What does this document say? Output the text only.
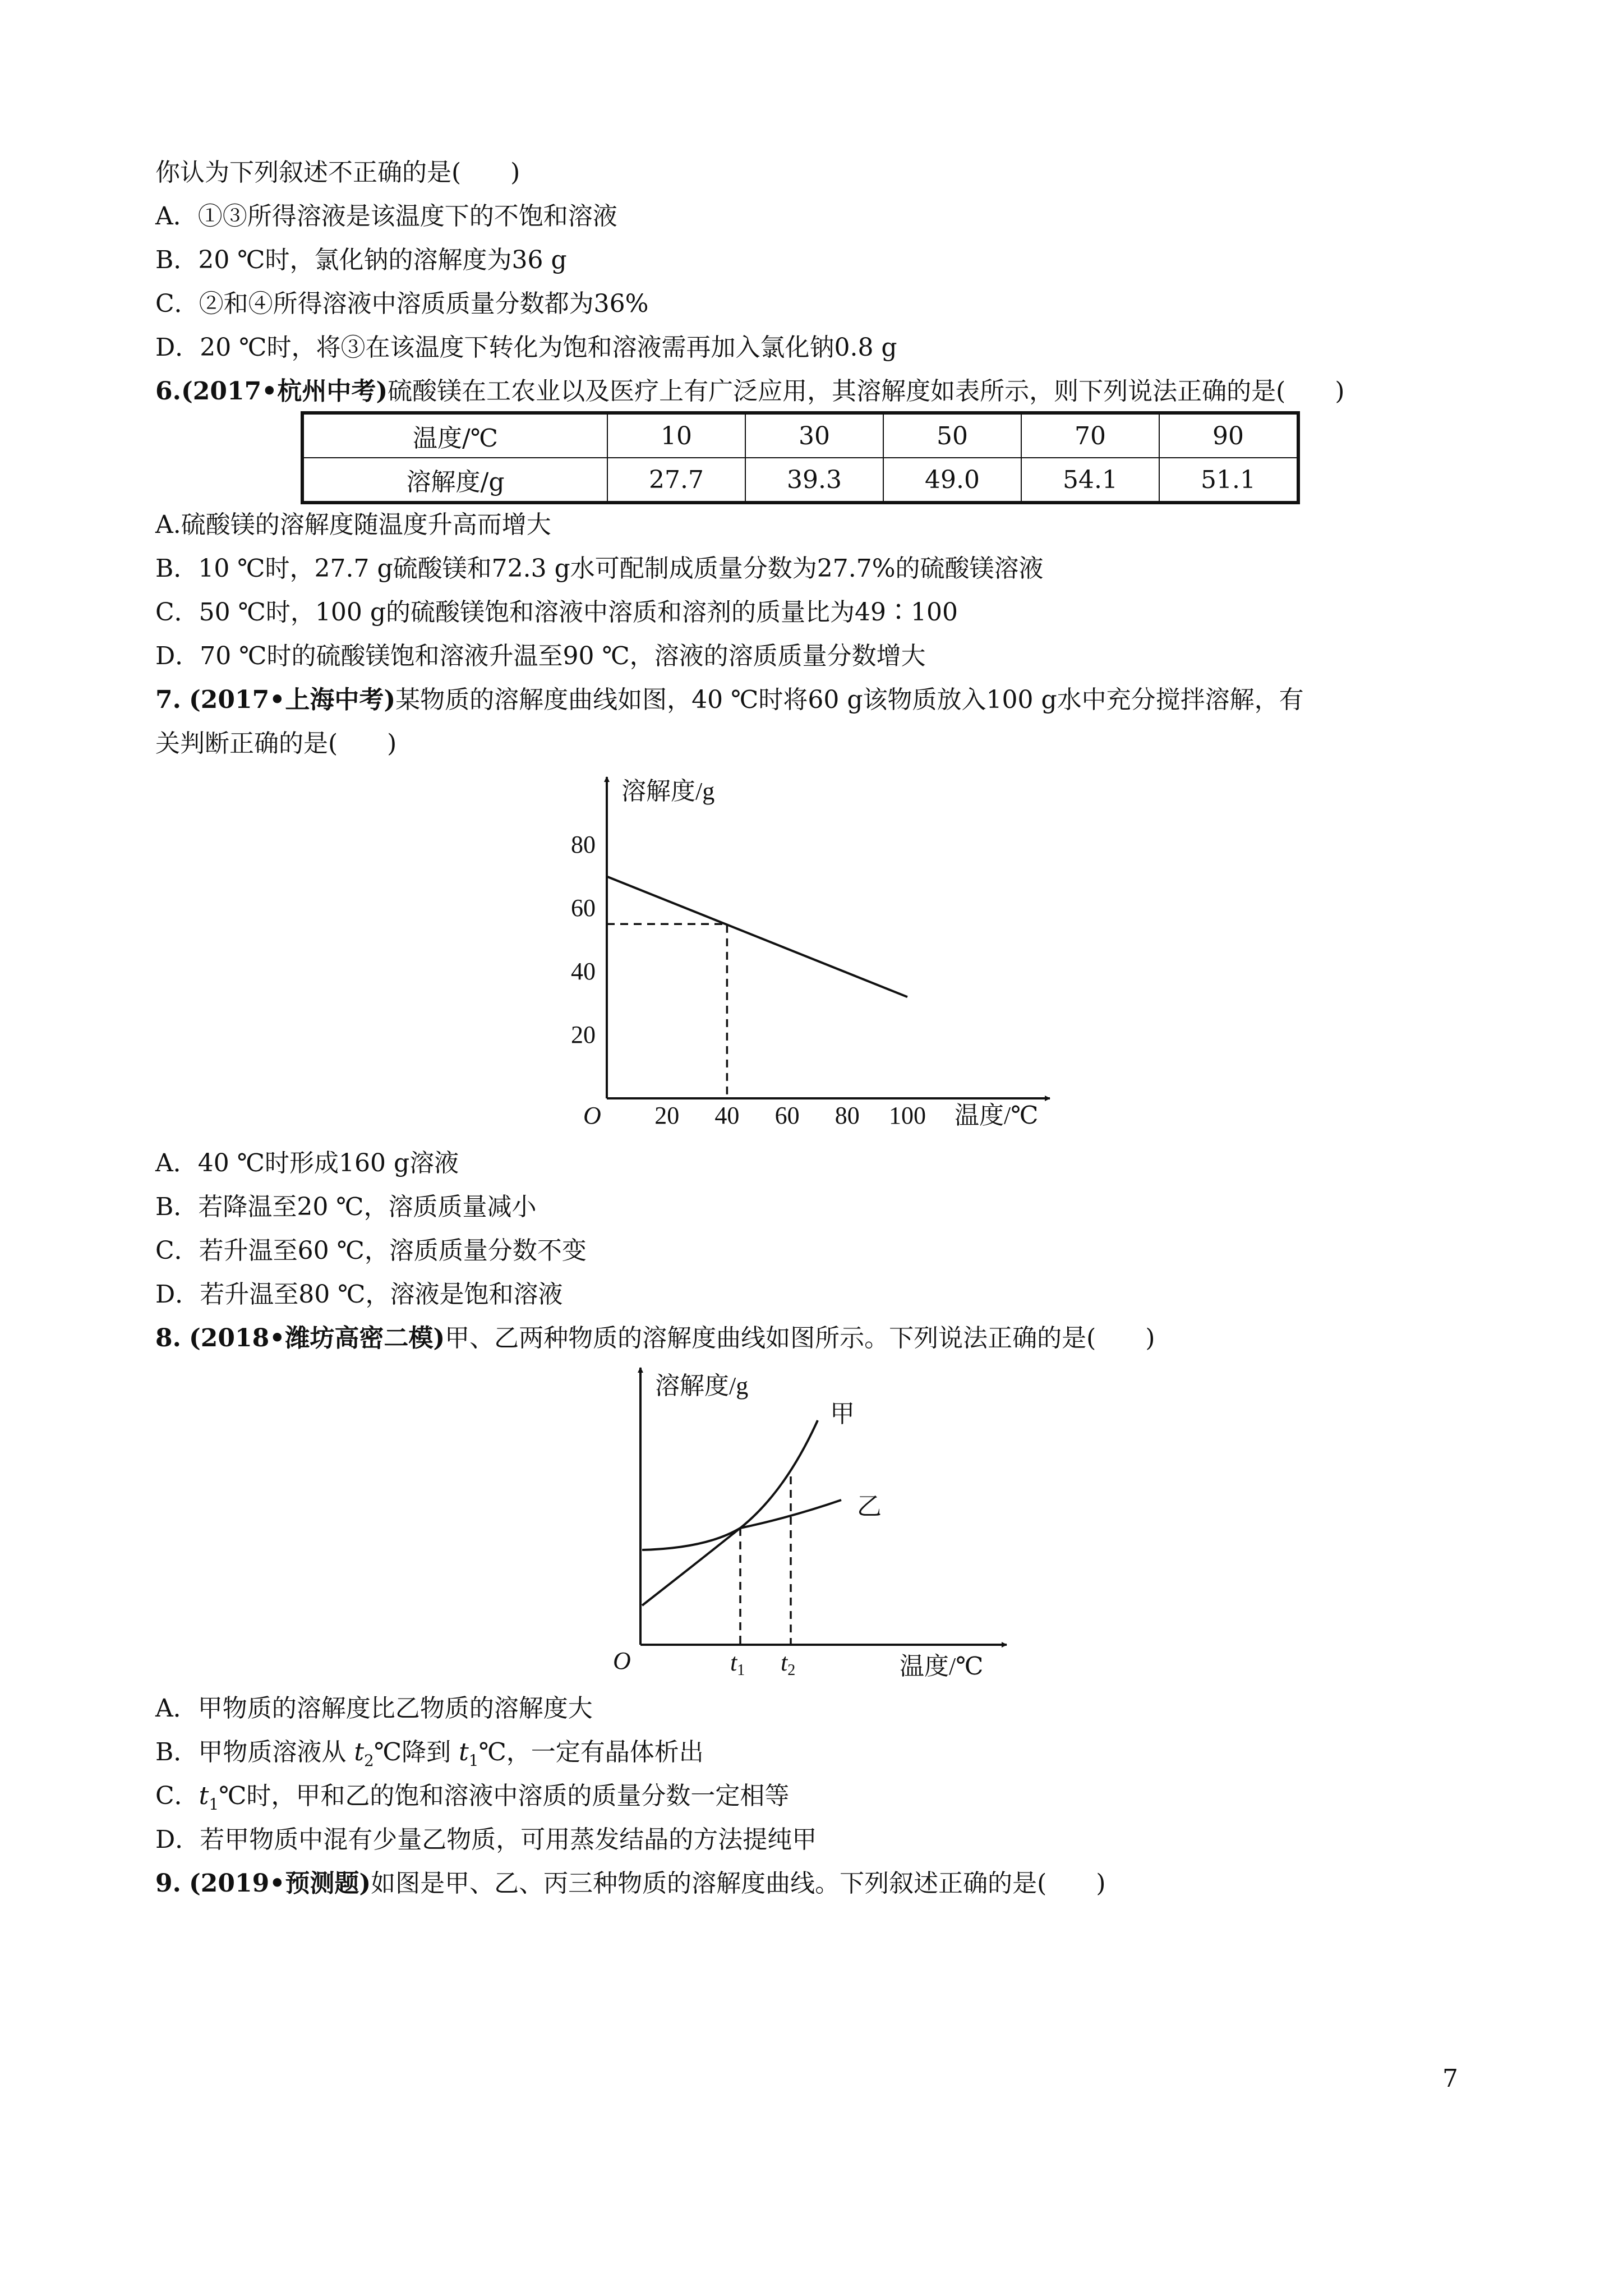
你认为下列叙述不正确的是(　　)
A．①③所得溶液是该温度下的不饱和溶液
B．20 ℃时，氯化钠的溶解度为36 g
C．②和④所得溶液中溶质质量分数都为36%
D．20 ℃时，将③在该温度下转化为饱和溶液需再加入氯化钠0.8 g
6.(2017•杭州中考)硫酸镁在工农业以及医疗上有广泛应用，其溶解度如表所示，则下列说法正确的是(　　)
温度/℃	10	30	50	70	90
溶解度/g	27.7	39.3	49.0	54.1	51.1
A.硫酸镁的溶解度随温度升高而增大
B．10 ℃时，27.7 g硫酸镁和72.3 g水可配制成质量分数为27.7%的硫酸镁溶液
C．50 ℃时，100 g的硫酸镁饱和溶液中溶质和溶剂的质量比为49∶100
D．70 ℃时的硫酸镁饱和溶液升温至90 ℃，溶液的溶质质量分数增大
7. (2017•上海中考)某物质的溶解度曲线如图，40 ℃时将60 g该物质放入100 g水中充分搅拌溶解，有
关判断正确的是(　　)
溶解度/g
温度/℃
O 20 40 60 80 100
20
40
60
80
A．40 ℃时形成160 g溶液
B．若降温至20 ℃，溶质质量减小
C．若升温至60 ℃，溶质质量分数不变
D．若升温至80 ℃，溶液是饱和溶液
8. (2018•潍坊高密二模)甲、乙两种物质的溶解度曲线如图所示。下列说法正确的是(　　)
溶解度/g
温度/℃
O	t1 t2
甲
乙
A．甲物质的溶解度比乙物质的溶解度大
B．甲物质溶液从 $t_2℃$降到 $t_1℃$，一定有晶体析出
C．$t_1℃$时，甲和乙的饱和溶液中溶质的质量分数一定相等
D．若甲物质中混有少量乙物质，可用蒸发结晶的方法提纯甲
9. (2019•预测题)如图是甲、乙、丙三种物质的溶解度曲线。下列叙述正确的是(　　)
7
